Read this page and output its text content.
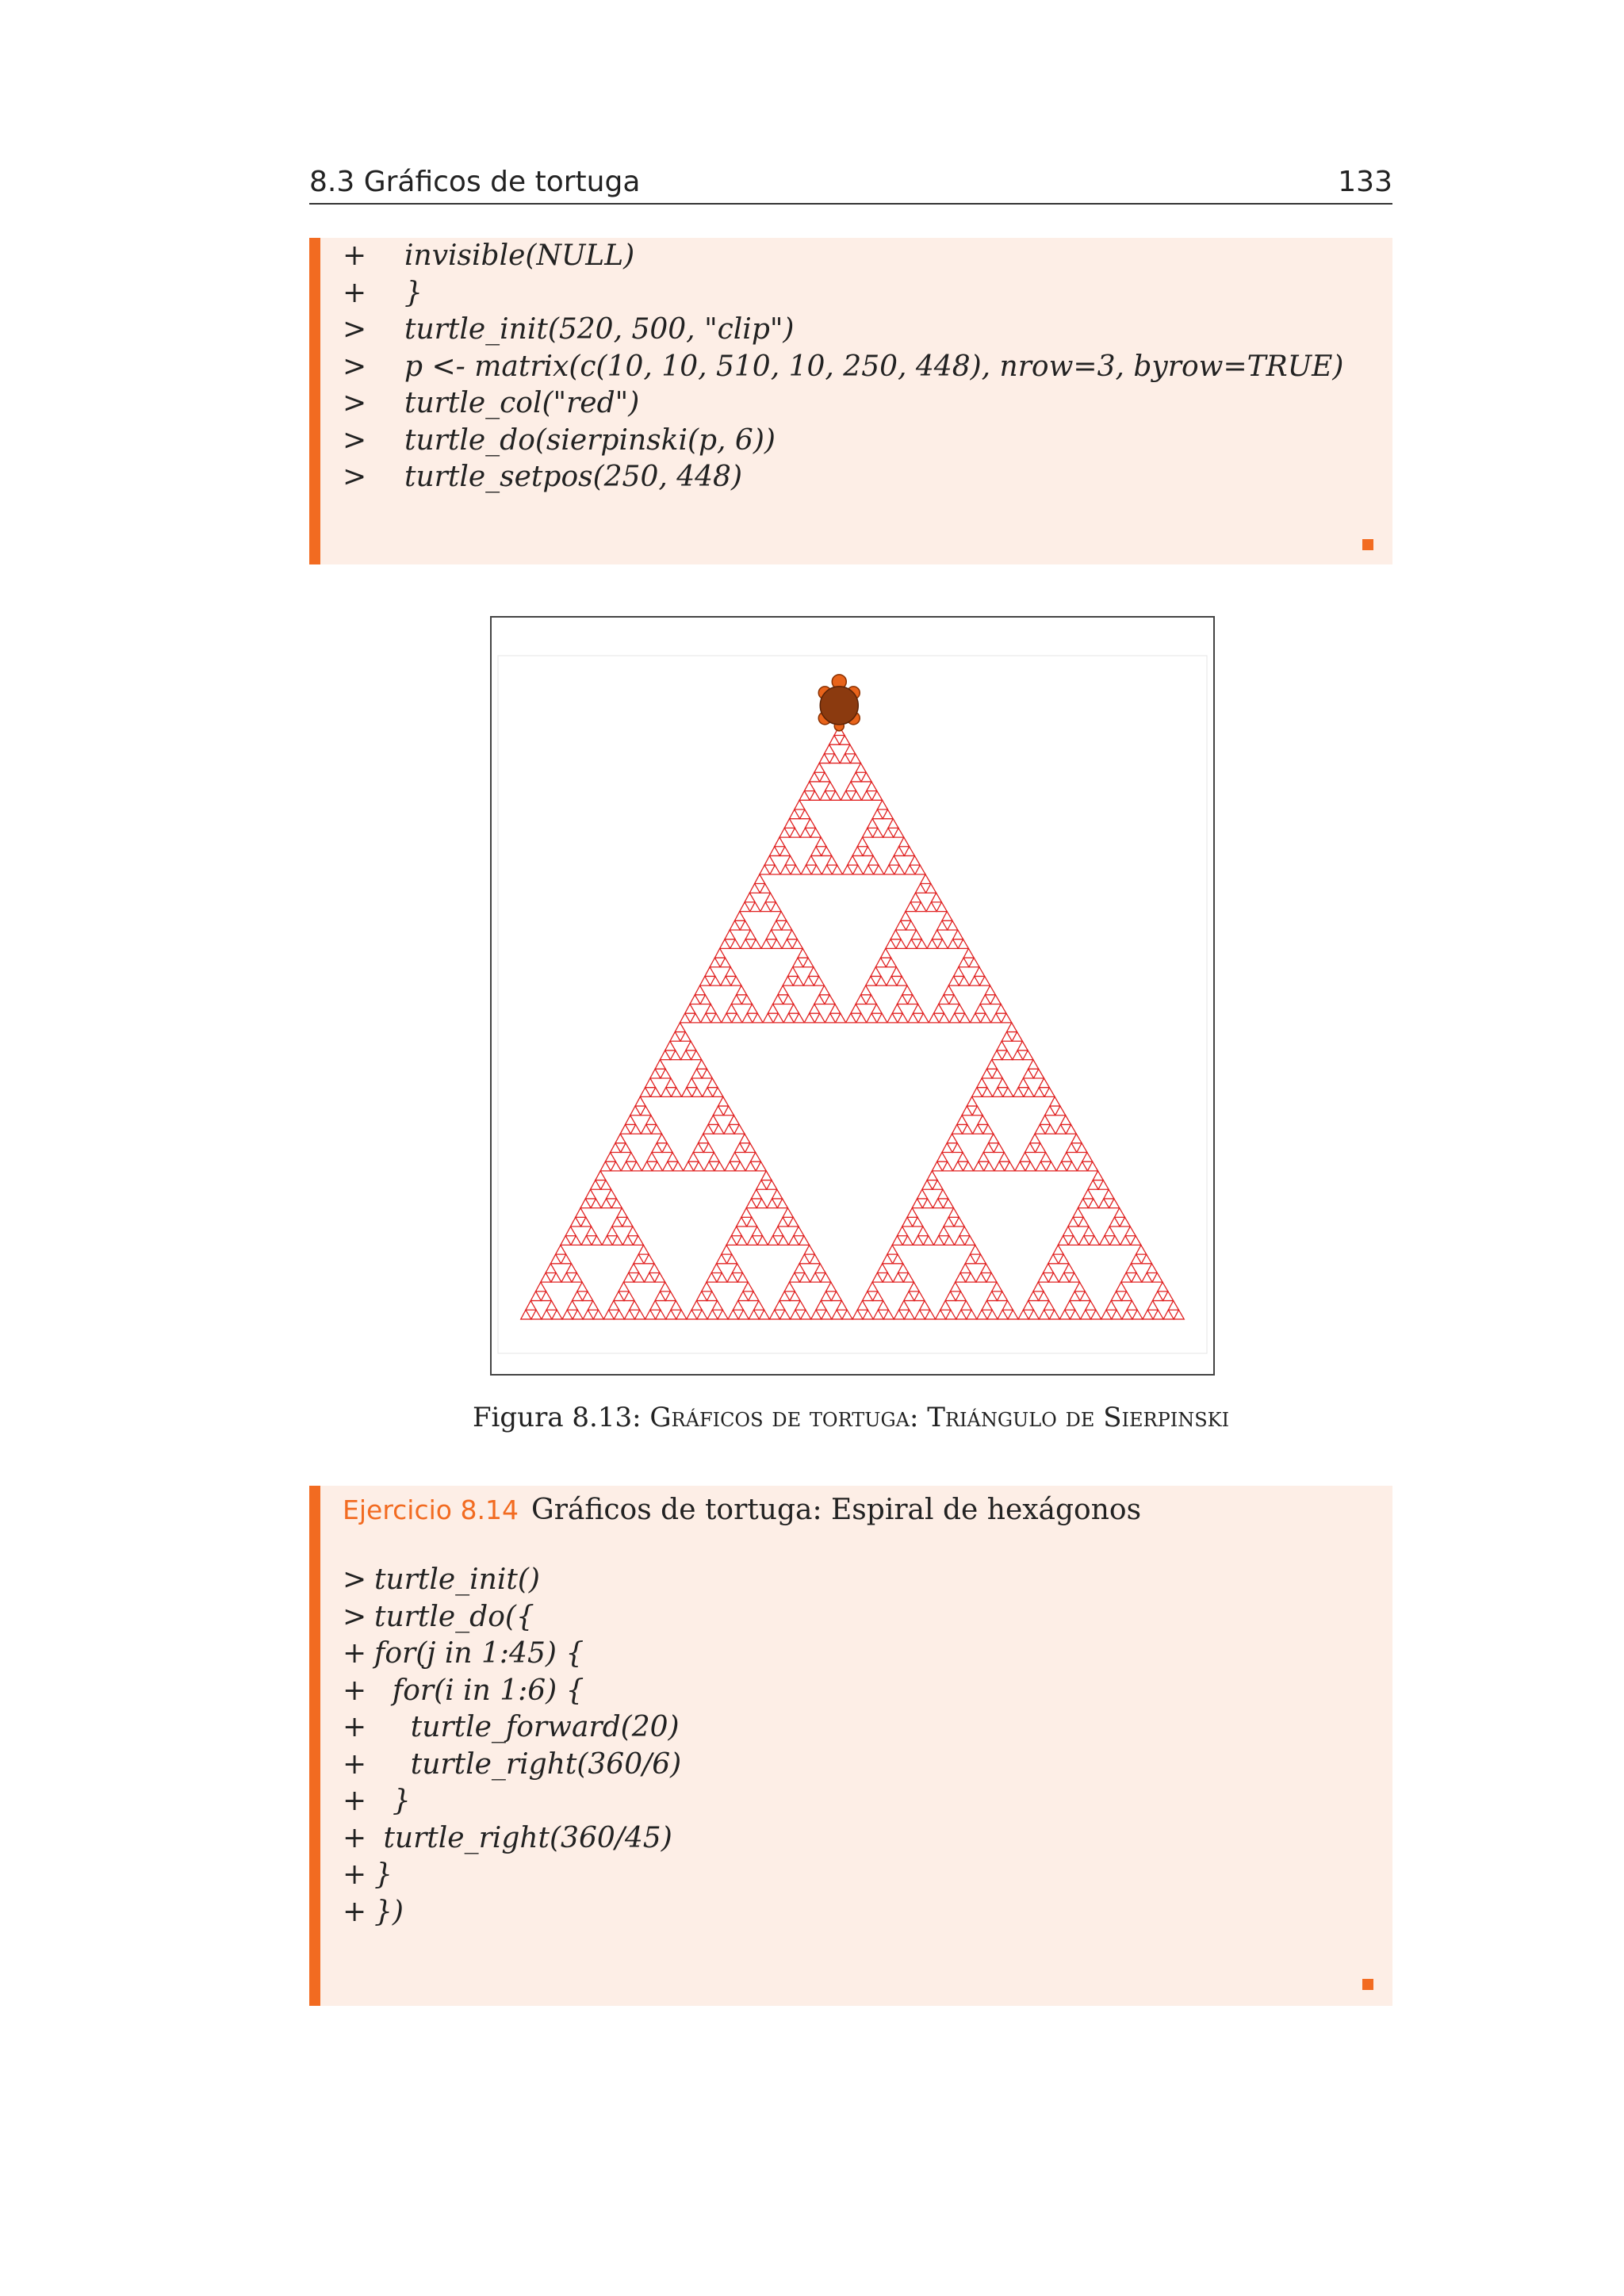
8.3 Gráficos de tortuga	133
+	invisible(NULL)
+	}
>	turtle_init(520, 500, "clip")
>	p <- matrix(c(10, 10, 510, 10, 250, 448), nrow=3, byrow=TRUE)
>	turtle_col("red")
>	turtle_do(sierpinski(p, 6))
>	turtle_setpos(250, 448)
Figura 8.13: Gráficos de tortuga: Triángulo de Sierpinski
Ejercicio 8.14 Gráficos de tortuga: Espiral de hexágonos
> turtle_init()
> turtle_do({
+ for(j in 1:45) {
+ for(i in 1:6) {
+ turtle_forward(20)
+ turtle_right(360/6)
+ }
+ turtle_right(360/45)
+ }
+ })
